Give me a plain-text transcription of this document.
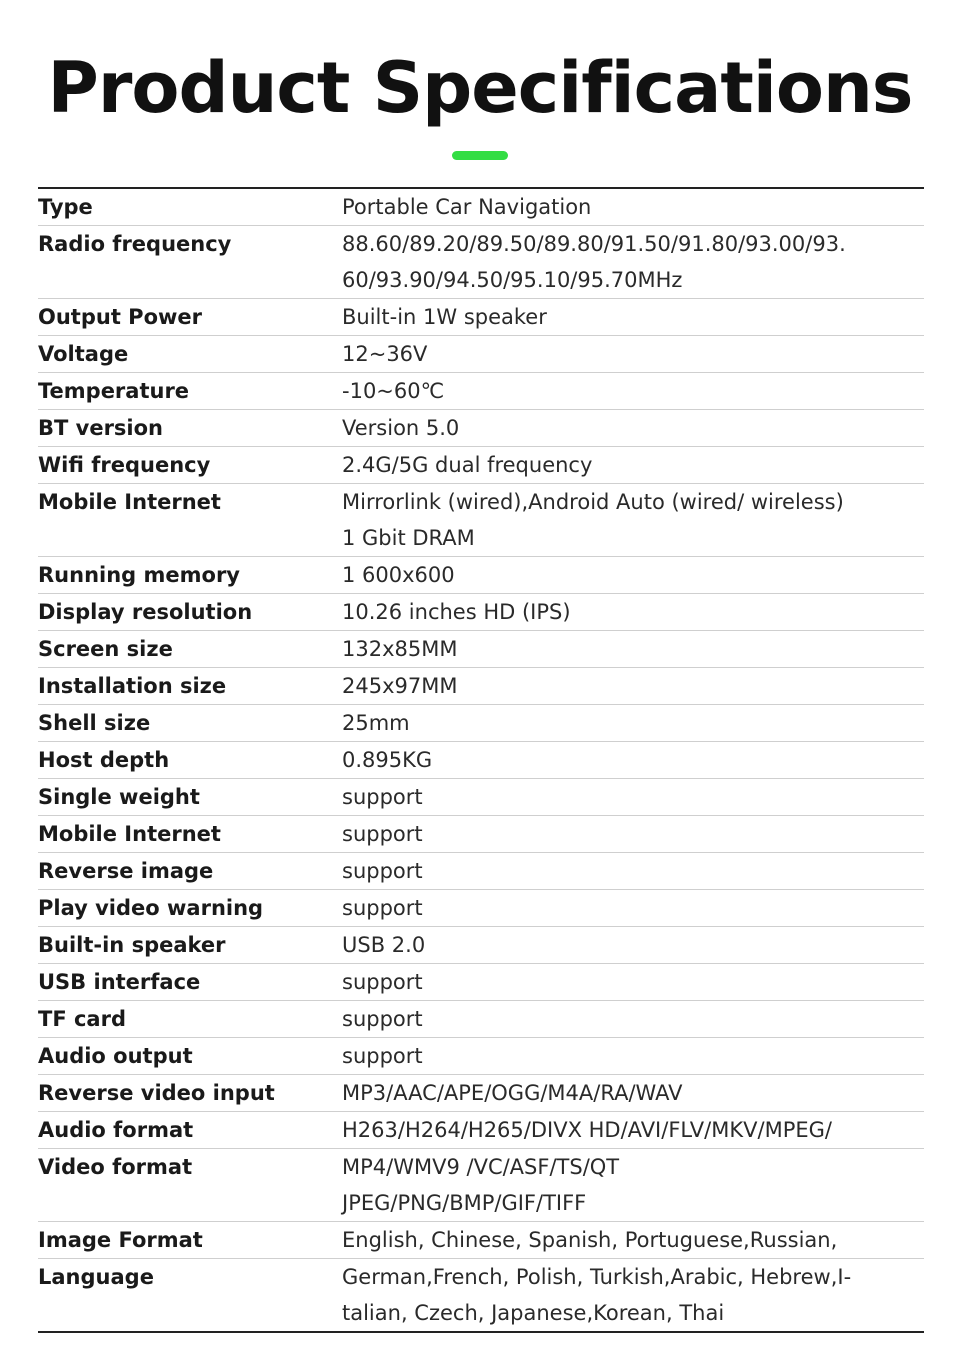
Product Specifications
Type	Portable Car Navigation
Radio frequency	88.60/89.20/89.50/89.80/91.50/91.80/93.00/93.
60/93.90/94.50/95.10/95.70MHz
Output Power	Built-in 1W speaker
Voltage	12~36V
Temperature	-10~60℃
BT version	Version 5.0
Wifi frequency	2.4G/5G dual frequency
Mobile Internet	Mirrorlink (wired),Android Auto (wired/ wireless)
1 Gbit DRAM
Running memory	1 600x600
Display resolution	10.26 inches HD (IPS)
Screen size	132x85MM
Installation size	245x97MM
Shell size	25mm
Host depth	0.895KG
Single weight	support
Mobile Internet	support
Reverse image	support
Play video warning	support
Built-in speaker	USB 2.0
USB interface	support
TF card	support
Audio output	support
Reverse video input	MP3/AAC/APE/OGG/M4A/RA/WAV
Audio format	H263/H264/H265/DIVX HD/AVI/FLV/MKV/MPEG/
Video format	MP4/WMV9 /VC/ASF/TS/QT
JPEG/PNG/BMP/GIF/TIFF
Image Format	English, Chinese, Spanish, Portuguese,Russian,
Language	German,French, Polish, Turkish,Arabic, Hebrew,I-
talian, Czech, Japanese,Korean, Thai
